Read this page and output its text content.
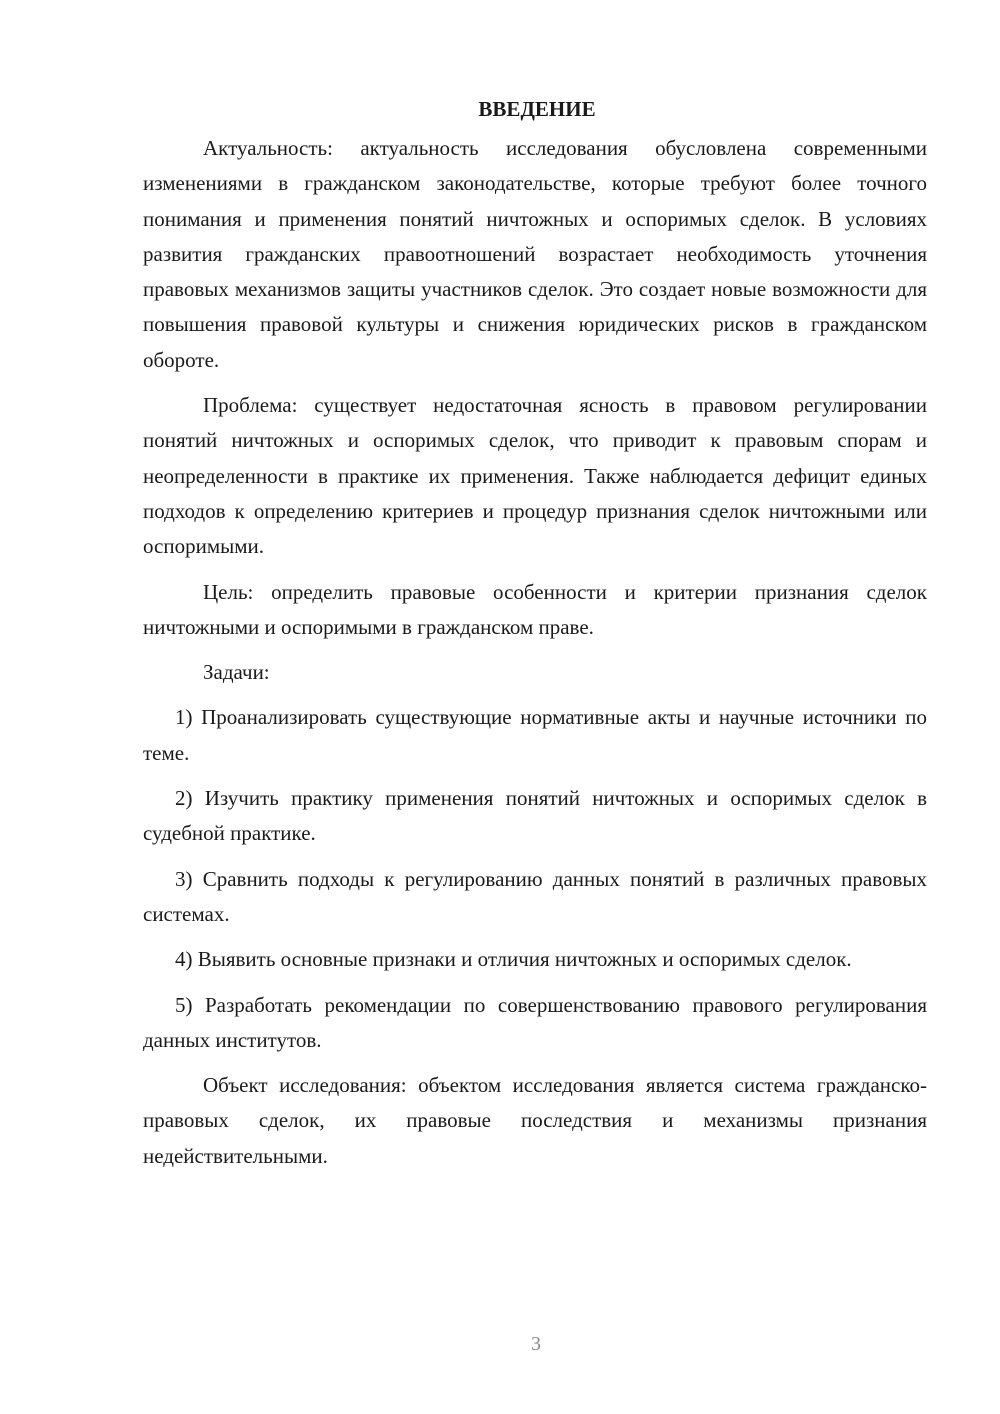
ВВЕДЕНИЕ

Актуальность: актуальность исследования обусловлена современными изменениями в гражданском законодательстве, которые требуют более точного понимания и применения понятий ничтожных и оспоримых сделок. В условиях развития гражданских правоотношений возрастает необходимость уточнения правовых механизмов защиты участников сделок. Это создает новые возможности для повышения правовой культуры и снижения юридических рисков в гражданском обороте.

Проблема: существует недостаточная ясность в правовом регулировании понятий ничтожных и оспоримых сделок, что приводит к правовым спорам и неопределенности в практике их применения. Также наблюдается дефицит единых подходов к определению критериев и процедур признания сделок ничтожными или оспоримыми.

Цель: определить правовые особенности и критерии признания сделок ничтожными и оспоримыми в гражданском праве.

Задачи:

1) Проанализировать существующие нормативные акты и научные источники по теме.

2) Изучить практику применения понятий ничтожных и оспоримых сделок в судебной практике.

3) Сравнить подходы к регулированию данных понятий в различных правовых системах.

4) Выявить основные признаки и отличия ничтожных и оспоримых сделок.

5) Разработать рекомендации по совершенствованию правового регулирования данных институтов.

Объект исследования: объектом исследования является система гражданско-правовых сделок, их правовые последствия и механизмы признания недействительными.

3
